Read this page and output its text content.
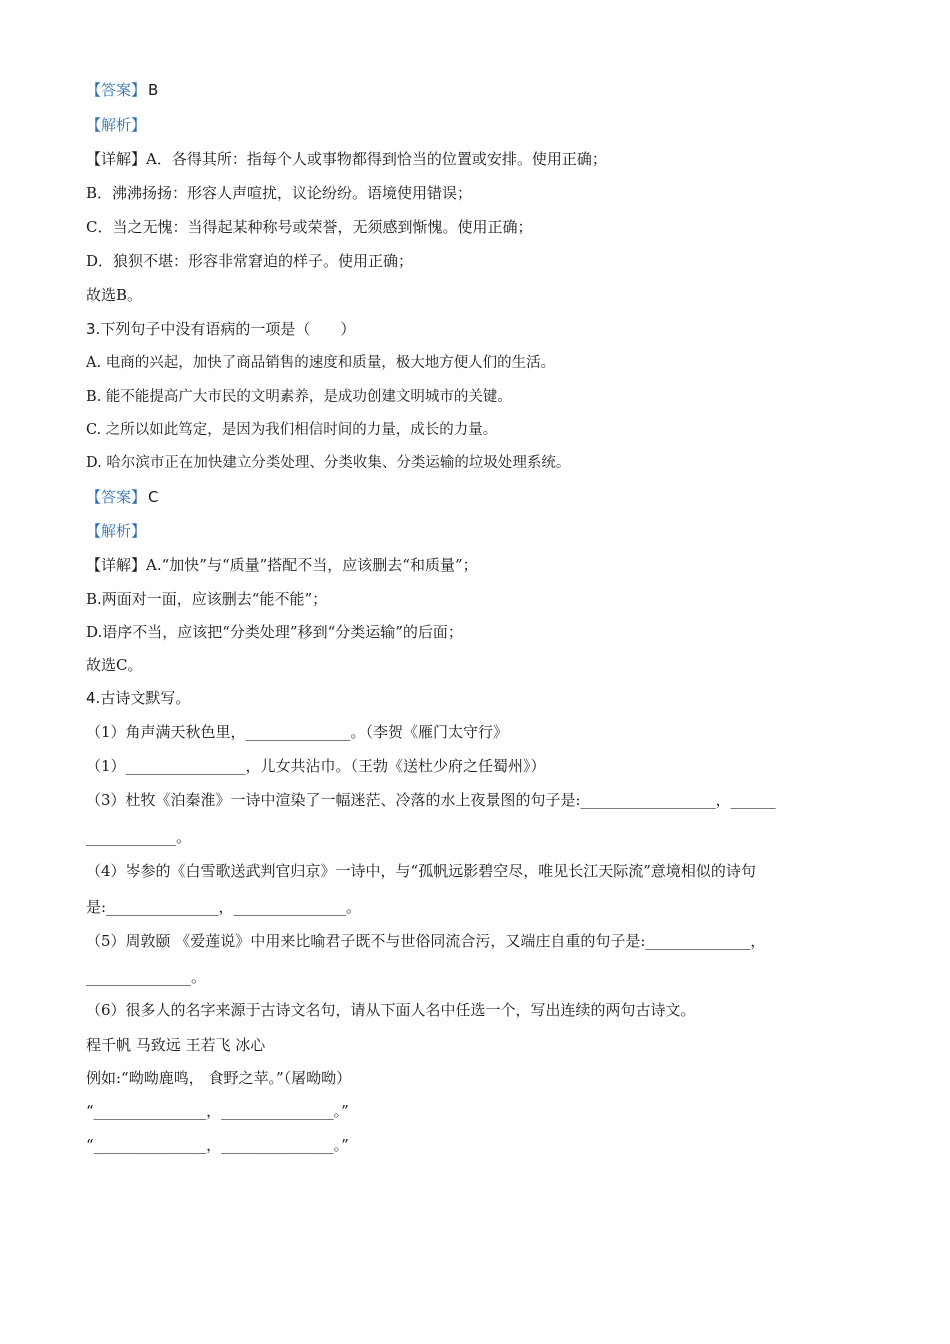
【答案】 B
【解析】
【详解】A．各得其所：指每个人或事物都得到恰当的位置或安排。使用正确；
B．沸沸扬扬：形容人声喧扰，议论纷纷。语境使用错误；
C．当之无愧：当得起某种称号或荣誉，无须感到惭愧。使用正确；
D．狼狈不堪：形容非常窘迫的样子。使用正确；
故选B。
3.下列句子中没有语病的一项是（　　）
A. 电商的兴起，加快了商品销售的速度和质量，极大地方便人们的生活。
B. 能不能提高广大市民的文明素养，是成功创建文明城市的关键。
C. 之所以如此笃定，是因为我们相信时间的力量，成长的力量。
D. 哈尔滨市正在加快建立分类处理、分类收集、分类运输的垃圾处理系统。
【答案】 C
【解析】
【详解】A.“加快”与“质量”搭配不当，应该删去“和质量”；
B.两面对一面，应该删去“能不能”；
D.语序不当，应该把“分类处理”移到“分类运输”的后面；
故选C。
4.古诗文默写。
（1）角声满天秋色里，______________。（李贺《雁门太守行》
（1）________________，儿女共沾巾。（王勃《送杜少府之任蜀州》）
（3）杜牧《泊秦淮》一诗中渲染了一幅迷茫、冷落的水上夜景图的句子是:__________________，______
____________。
（4）岑参的《白雪歌送武判官归京》一诗中，与“孤帆远影碧空尽，唯见长江天际流”意境相似的诗句
是:_______________，_______________。
（5）周敦颐 《爱莲说》中用来比喻君子既不与世俗同流合污，又端庄自重的句子是:______________，
______________。
（6）很多人的名字来源于古诗文名句，请从下面人名中任选一个，写出连续的两句古诗文。
程千帆 马致远 王若飞 冰心
例如:“呦呦鹿鸣， 食野之苹。”（屠呦呦）
“_______________，_______________。”
“_______________，_______________。”
